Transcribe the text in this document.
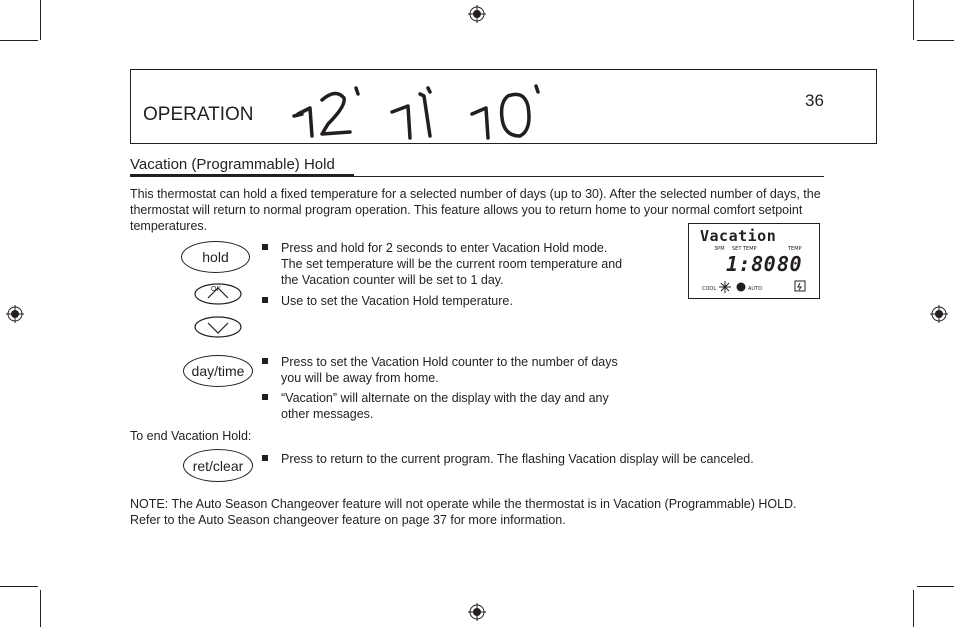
OPERATION
36
Vacation (Programmable) Hold
This thermostat can hold a fixed temperature for a selected number of days (up to 30). After the selected number of days, the thermostat will return to normal program operation. This feature allows you to return home to your normal comfort setpoint temperatures.
hold
Press and hold for 2 seconds to enter Vacation Hold mode.
The set temperature will be the current room temperature and
the Vacation counter will be set to 1 day.
OK
Use to set the Vacation Hold temperature.
day/time
Press to set the Vacation Hold counter to the number of days
you will be away from home.
“Vacation” will alternate on the display with the day and any
other messages.
To end Vacation Hold:
ret/clear	Press to return to the current program. The flashing Vacation display will be canceled.
NOTE: The Auto Season Changeover feature will not operate while the thermostat is in Vacation (Programmable) HOLD. Refer to the Auto Season changeover feature on page 37 for more information.
Vacation
3PM SET TEMP	TEMP
1:80 80
COOL	AUTO
